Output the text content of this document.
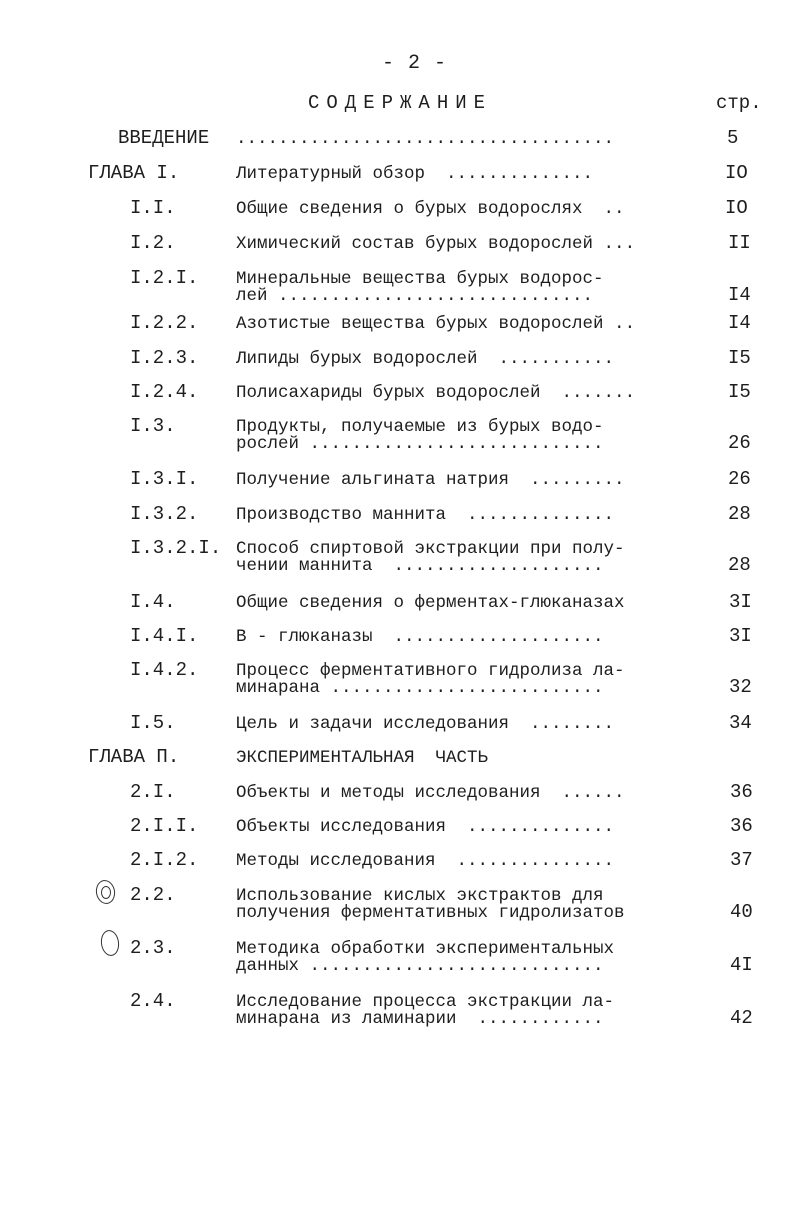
- 2 -
СОДЕРЖАНИЕ	стр.
ВВЕДЕНИЕ ....................................	5
ГЛАВА I.	Литературный обзор  ..............	IO
I.I.	Общие сведения о бурых водорослях  ..	IO
I.2.	Химический состав бурых водорослей ...	II
I.2.I. Минеральные вещества бурых водорос-
лей ..............................	I4
I.2.2. Азотистые вещества бурых водорослей ..	I4
I.2.3. Липиды бурых водорослей  ...........	I5
I.2.4. Полисахариды бурых водорослей  .......	I5
I.3.	Продукты, получаемые из бурых водо-
рослей ............................	26
I.3.I. Получение альгината натрия  .........	26
I.3.2. Производство маннита  ..............	28
I.3.2.I. Способ спиртовой экстракции при полу-
чении маннита  ....................	28
I.4.	Общие сведения о ферментах-глюканазах	3I
I.4.I. В - глюканазы  ....................	3I
I.4.2. Процесс ферментативного гидролиза ла-
минарана ..........................	32
I.5.	Цель и задачи исследования  ........	34
ГЛАВА П.	ЭКСПЕРИМЕНТАЛЬНАЯ  ЧАСТЬ
2.I.	Объекты и методы исследования  ......	36
2.I.I. Объекты исследования  ..............	36
2.I.2. Методы исследования  ...............	37
2.2.	Использование кислых экстрактов для
получения ферментативных гидролизатов	40
2.3.	Методика обработки экспериментальных
данных ............................	4I
2.4.	Исследование процесса экстракции ла-
минарана из ламинарии  ............	42
